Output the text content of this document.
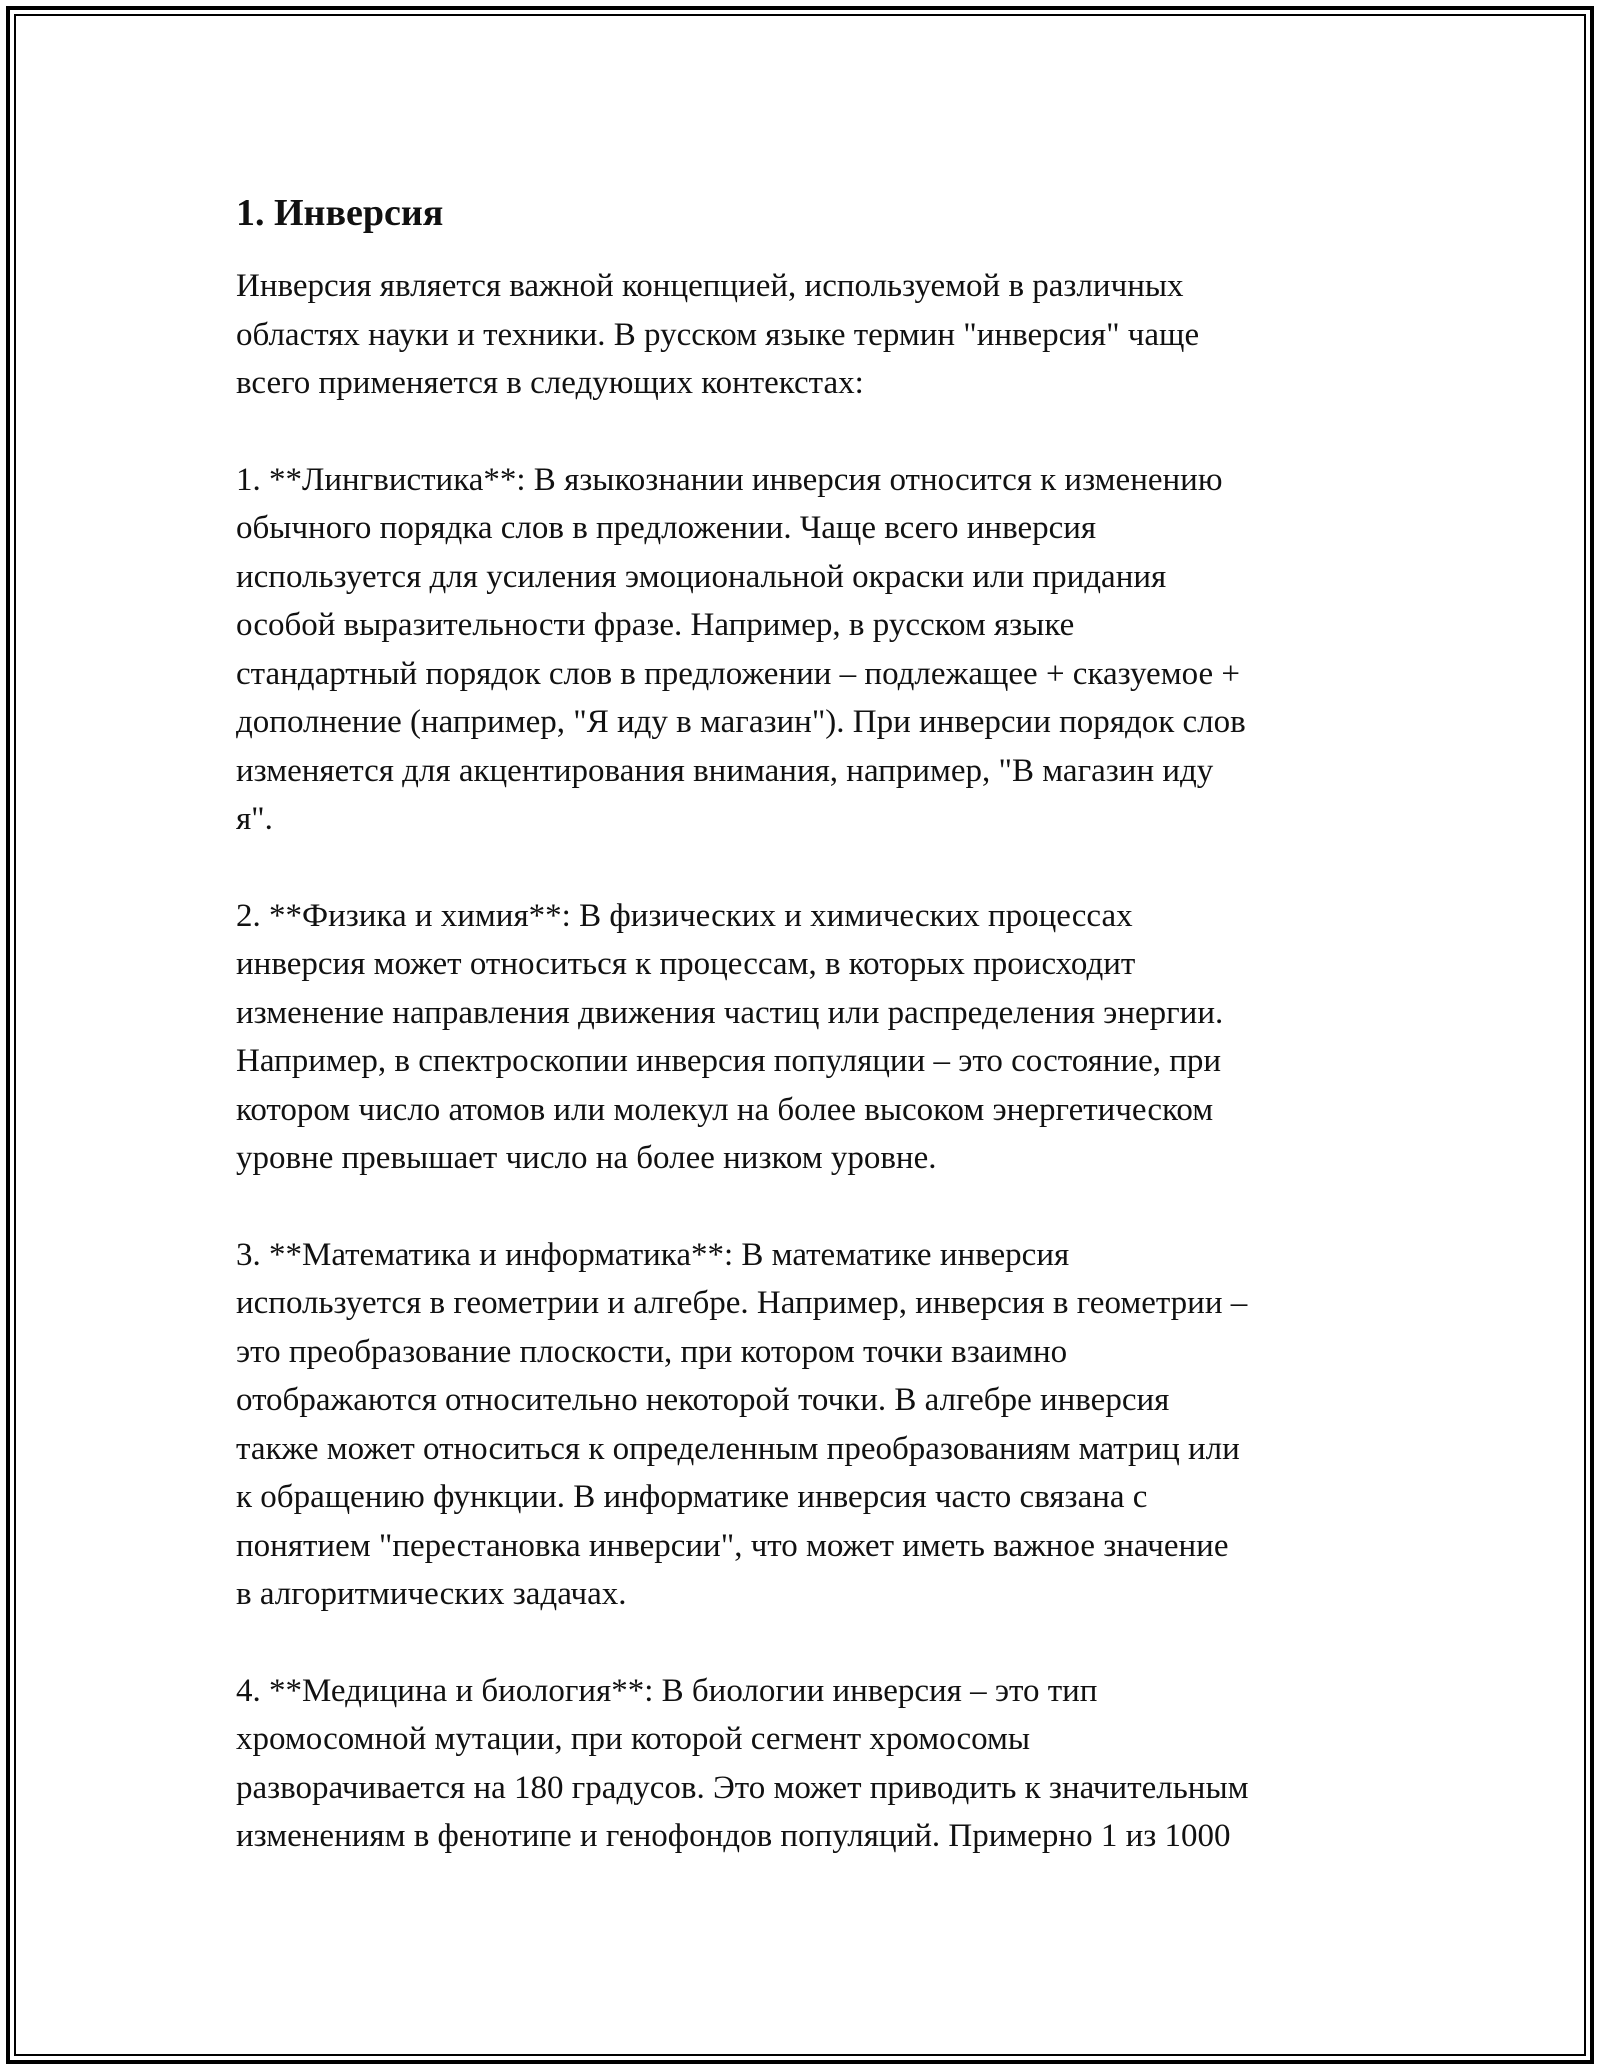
1. Инверсия

Инверсия является важной концепцией, используемой в различных
областях науки и техники. В русском языке термин "инверсия" чаще
всего применяется в следующих контекстах:

1. **Лингвистика**: В языкознании инверсия относится к изменению
обычного порядка слов в предложении. Чаще всего инверсия
используется для усиления эмоциональной окраски или придания
особой выразительности фразе. Например, в русском языке
стандартный порядок слов в предложении – подлежащее + сказуемое +
дополнение (например, "Я иду в магазин"). При инверсии порядок слов
изменяется для акцентирования внимания, например, "В магазин иду
я".

2. **Физика и химия**: В физических и химических процессах
инверсия может относиться к процессам, в которых происходит
изменение направления движения частиц или распределения энергии.
Например, в спектроскопии инверсия популяции – это состояние, при
котором число атомов или молекул на более высоком энергетическом
уровне превышает число на более низком уровне.

3. **Математика и информатика**: В математике инверсия
используется в геометрии и алгебре. Например, инверсия в геометрии –
это преобразование плоскости, при котором точки взаимно
отображаются относительно некоторой точки. В алгебре инверсия
также может относиться к определенным преобразованиям матриц или
к обращению функции. В информатике инверсия часто связана с
понятием "перестановка инверсии", что может иметь важное значение
в алгоритмических задачах.

4. **Медицина и биология**: В биологии инверсия – это тип
хромосомной мутации, при которой сегмент хромосомы
разворачивается на 180 градусов. Это может приводить к значительным
изменениям в фенотипе и генофондов популяций. Примерно 1 из 1000
